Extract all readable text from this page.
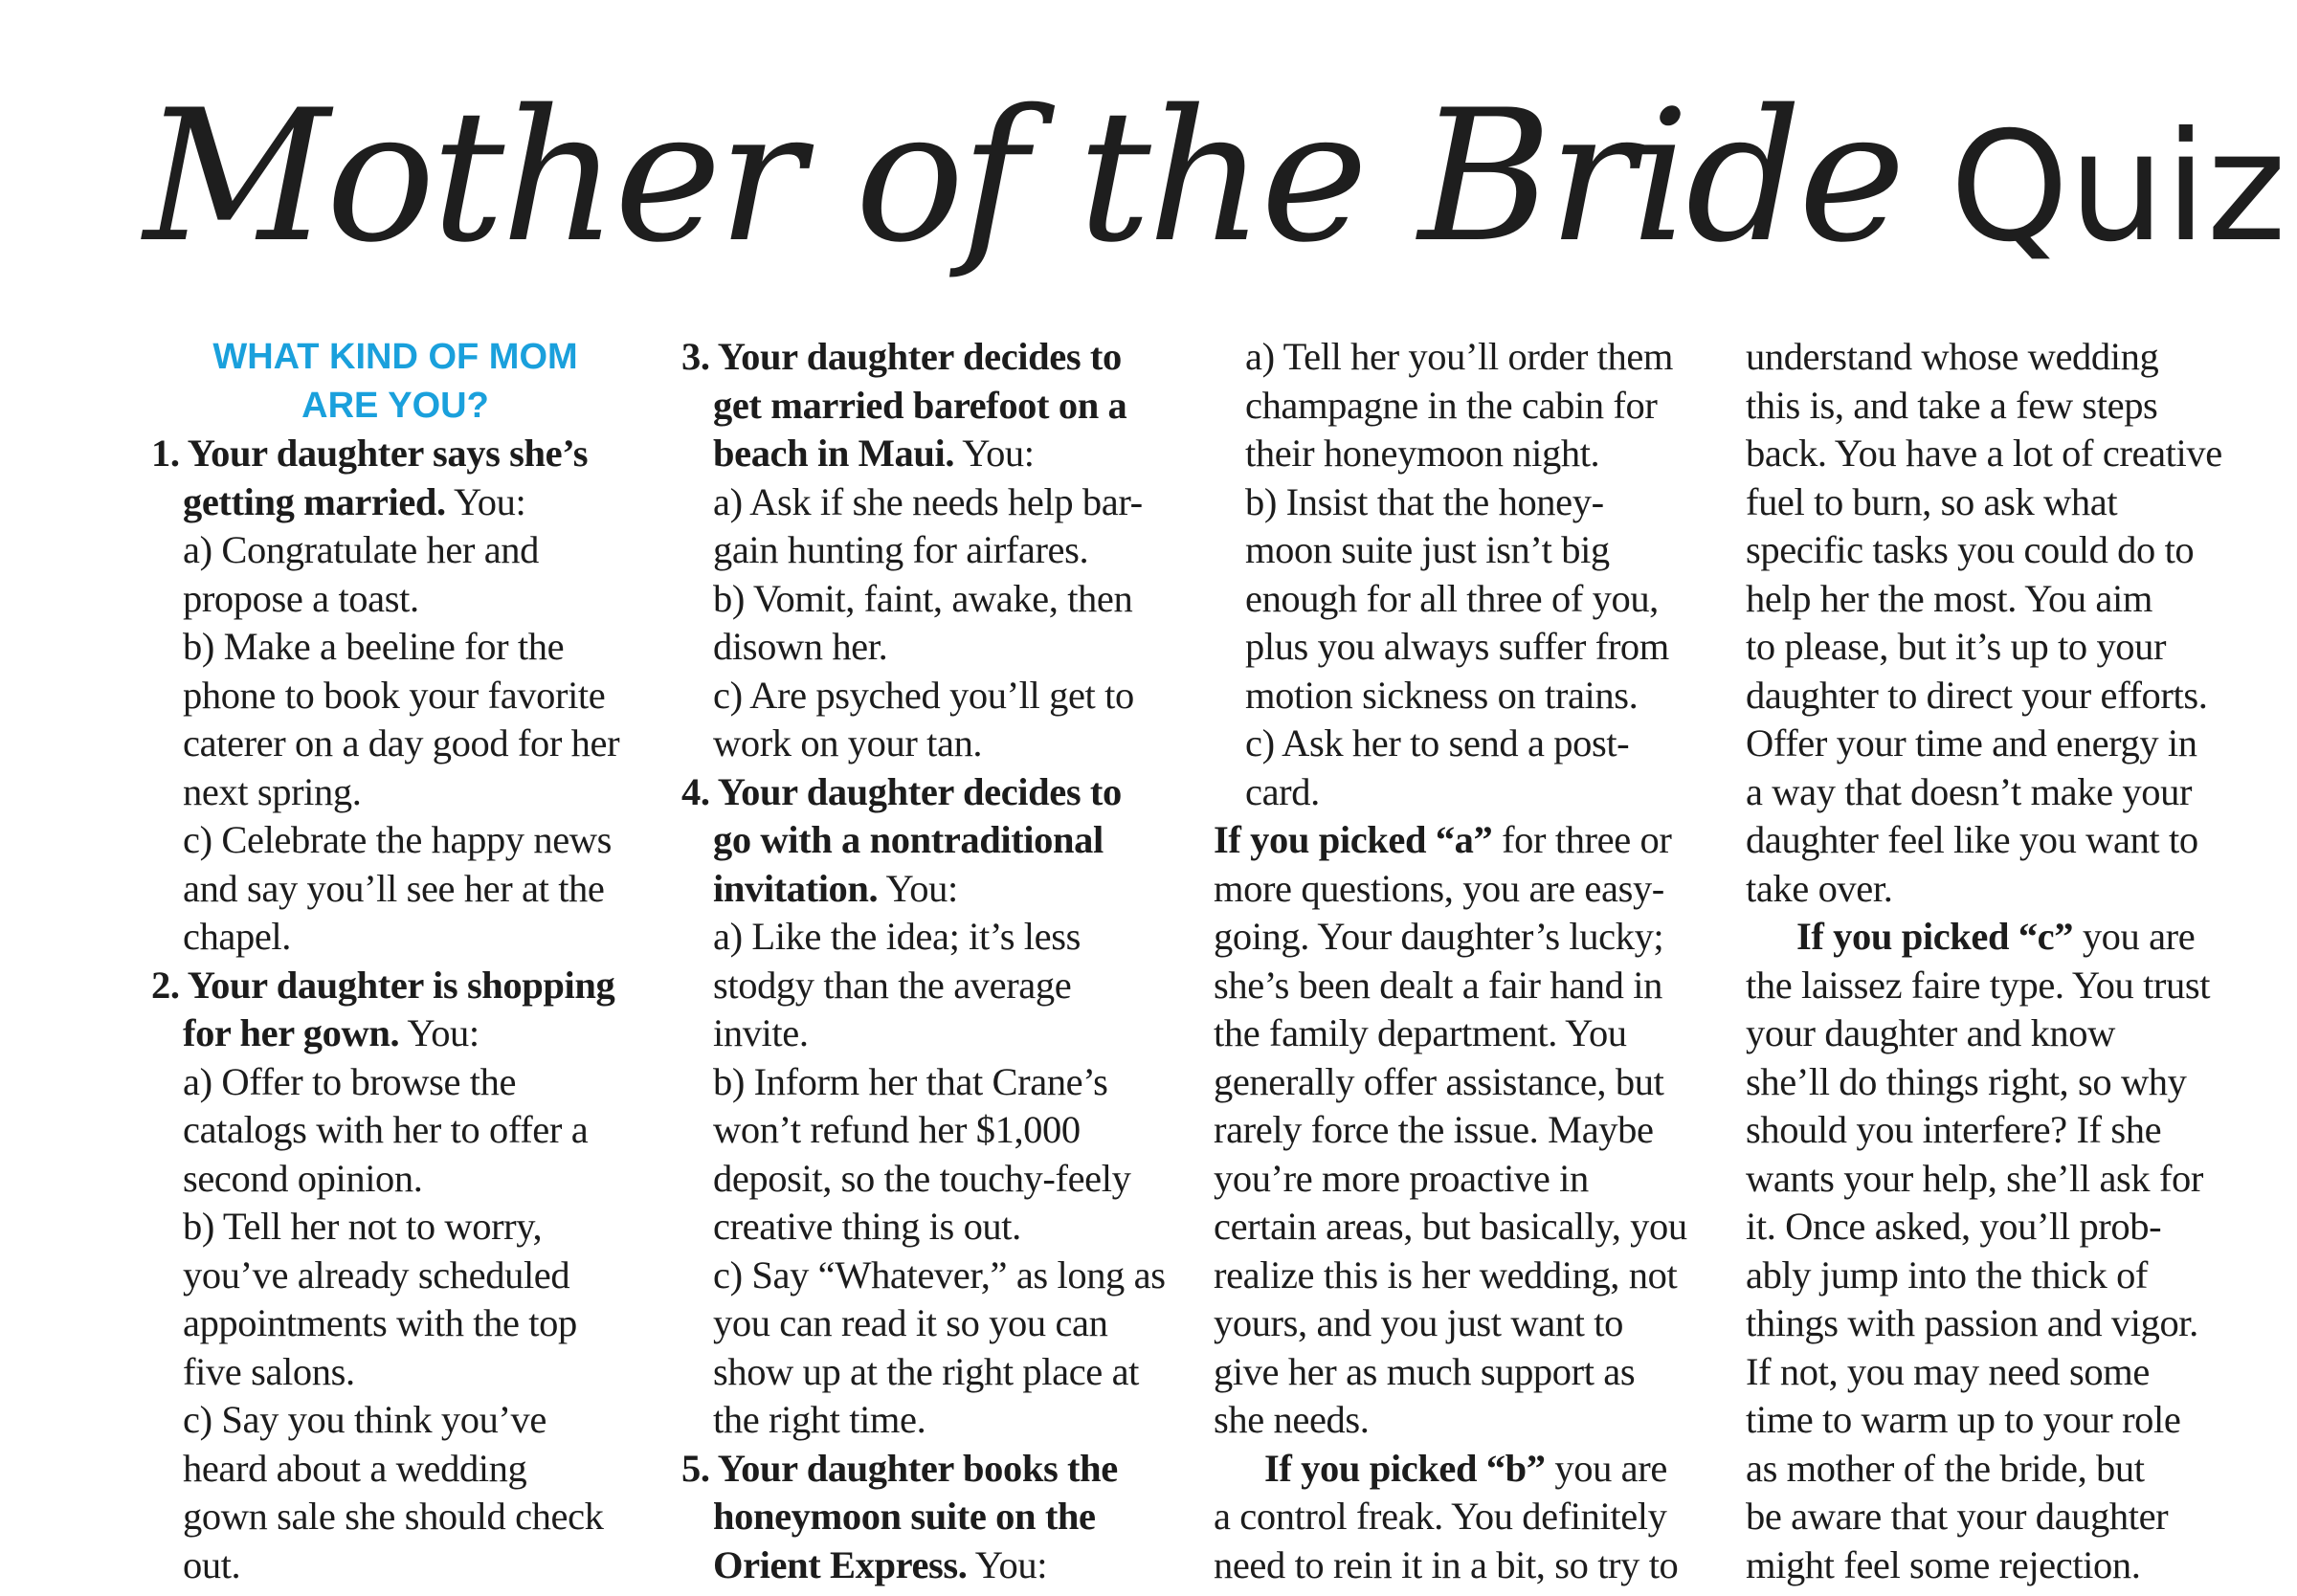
Mother of the Bride Quiz
WHAT KIND OF MOM
ARE YOU?
1. Your daughter says she’s
getting married. You:
a) Congratulate her and
propose a toast.
b) Make a beeline for the
phone to book your favorite
caterer on a day good for her
next spring.
c) Celebrate the happy news
and say you’ll see her at the
chapel.
2. Your daughter is shopping
for her gown. You:
a) Offer to browse the
catalogs with her to offer a
second opinion.
b) Tell her not to worry,
you’ve already scheduled
appointments with the top
five salons.
c) Say you think you’ve
heard about a wedding
gown sale she should check
out.
3. Your daughter decides to
get married barefoot on a
beach in Maui. You:
a) Ask if she needs help bar-
gain hunting for airfares.
b) Vomit, faint, awake, then
disown her.
c) Are psyched you’ll get to
work on your tan.
4. Your daughter decides to
go with a nontraditional
invitation. You:
a) Like the idea; it’s less
stodgy than the average
invite.
b) Inform her that Crane’s
won’t refund her $1,000
deposit, so the touchy-feely
creative thing is out.
c) Say “Whatever,” as long as
you can read it so you can
show up at the right place at
the right time.
5. Your daughter books the
honeymoon suite on the
Orient Express. You:
a) Tell her you’ll order them
champagne in the cabin for
their honeymoon night.
b) Insist that the honey-
moon suite just isn’t big
enough for all three of you,
plus you always suffer from
motion sickness on trains.
c) Ask her to send a post-
card.
If you picked “a” for three or
more questions, you are easy-
going. Your daughter’s lucky;
she’s been dealt a fair hand in
the family department. You
generally offer assistance, but
rarely force the issue. Maybe
you’re more proactive in
certain areas, but basically, you
realize this is her wedding, not
yours, and you just want to
give her as much support as
she needs.
If you picked “b” you are
a control freak. You definitely
need to rein it in a bit, so try to
understand whose wedding
this is, and take a few steps
back. You have a lot of creative
fuel to burn, so ask what
specific tasks you could do to
help her the most. You aim
to please, but it’s up to your
daughter to direct your efforts.
Offer your time and energy in
a way that doesn’t make your
daughter feel like you want to
take over.
If you picked “c” you are
the laissez faire type. You trust
your daughter and know
she’ll do things right, so why
should you interfere? If she
wants your help, she’ll ask for
it. Once asked, you’ll prob-
ably jump into the thick of
things with passion and vigor.
If not, you may need some
time to warm up to your role
as mother of the bride, but
be aware that your daughter
might feel some rejection.
